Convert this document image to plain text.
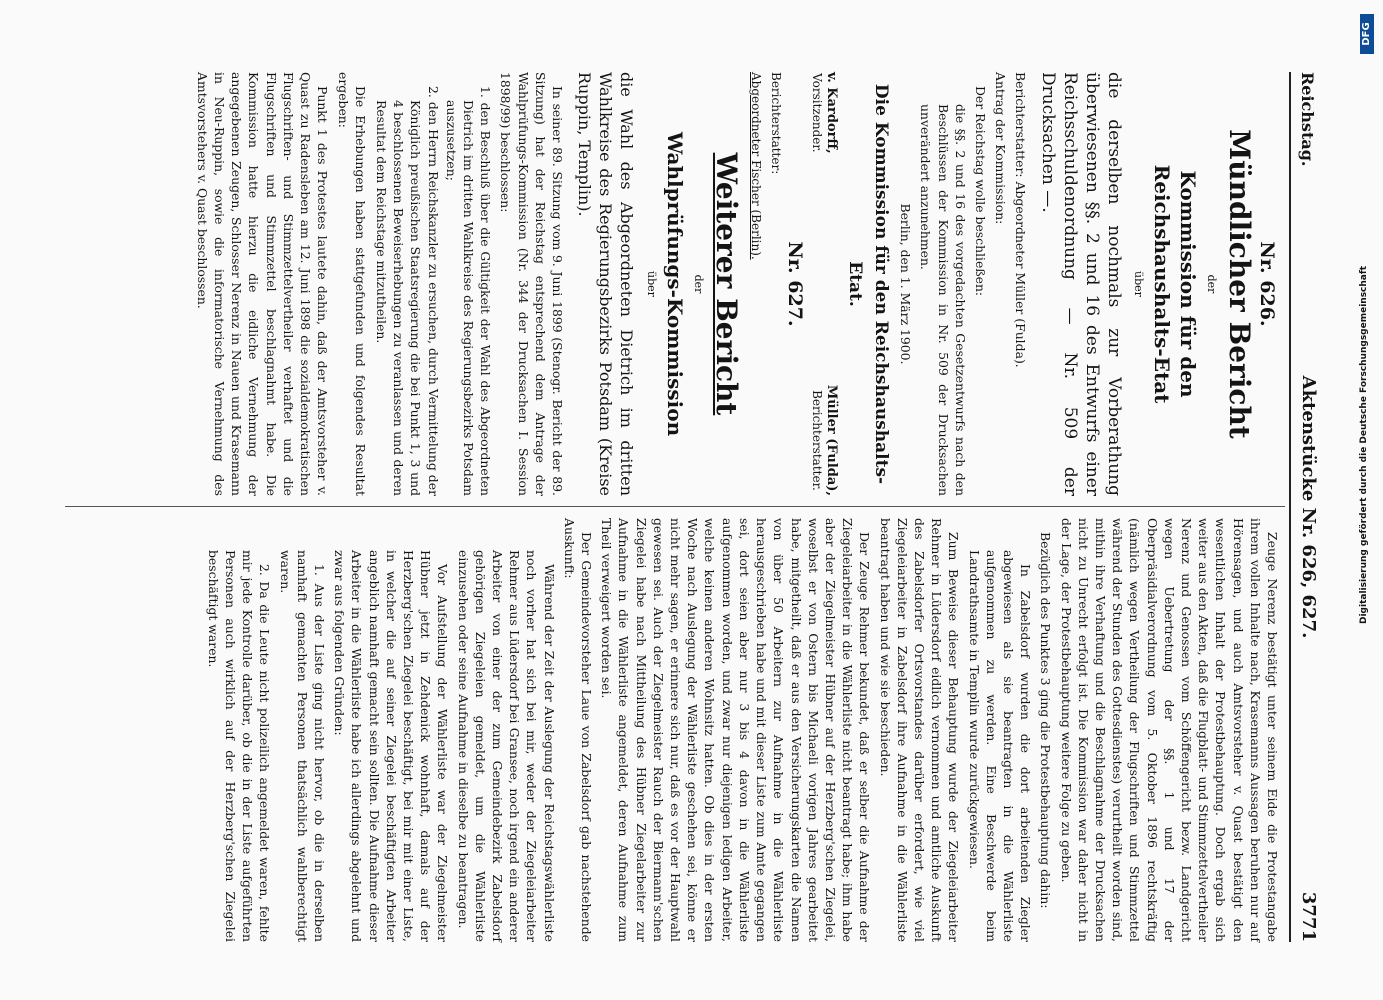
Reichstag.
Aktenstücke Nr. 626, 627.
3771
Nr. 626.
Mündlicher Bericht
der
Kommission für den Reichshaushalts-Etat
über
die derselben nochmals zur Vorberathung überwiesenen §§. 2 und 16 des Entwurfs einer Reichsschuldenordnung — Nr. 509 der Drucksachen —.

Berichterstatter: Abgeordneter Müller (Fulda).

Antrag der Kommission:

Der Reichstag wolle beschließen:

die §§. 2 und 16 des vorgedachten Gesetzentwurfs nach den Beschlüssen der Kommission in Nr. 509 der Drucksachen unverändert anzunehmen.

Berlin, den 1. März 1900.

Die Kommission für den Reichshaushalts-Etat.
v. Kardorff,
Vorsitzender.
Müller (Fulda),
Berichterstatter.
Nr. 627.

Berichterstatter:

Abgeordneter Fischer (Berlin).

Weiterer Bericht
der
Wahlprüfungs-Kommission
über
die Wahl des Abgeordneten Dietrich im dritten Wahlkreise des Regierungsbezirks Potsdam (Kreise Ruppin, Templin).

In seiner 89. Sitzung vom 9. Juni 1899 (Stenogr. Bericht der 89. Sitzung) hat der Reichstag entsprechend dem Antrage der Wahlprüfungs-Kommission (Nr. 344 der Drucksachen I. Session 1898/99) beschlossen:

1. den Beschluß über die Gültigkeit der Wahl des Abgeordneten Dietrich im dritten Wahlkreise des Regierungsbezirks Potsdam auszusetzen;
2. den Herrn Reichskanzler zu ersuchen, durch Vermittelung der Königlich preußischen Staatsregierung die bei Punkt 1, 3 und 4 beschlossenen Beweiserhebungen zu veranlassen und deren Resultat dem Reichstage mitzutheilen.

Die Erhebungen haben stattgefunden und folgendes Resultat ergeben:

Punkt 1 des Protestes lautete dahin, daß der Amtsvorsteher v. Quast zu Radensleben am 12. Juni 1898 die sozialdemokratischen Flugschriften- und Stimmzettelvertheiler verhaftet und die Flugschriften und Stimmzettel beschlagnahmt habe. Die Kommission hatte hierzu die eidliche Vernehmung der angegebenen Zeugen, Schlosser Nerenz in Nauen und Krasemann in Neu-Ruppin, sowie die informatorische Vernehmung des Amtsvorstehers v. Quast beschlossen.

Zeuge Nerenz bestätigt unter seinem Eide die Protestangabe ihrem vollen Inhalte nach, Krasemanns Aussagen beruhen nur auf Hörensagen, und auch Amtsvorsteher v. Quast bestätigt den wesentlichen Inhalt der Protestbehauptung. Doch ergab sich weiter aus den Akten, daß die Flugblatt- und Stimmzettelvertheiler Nerenz und Genossen vom Schöffengericht bezw. Landgericht wegen Uebertretung der §§. 1 und 17 der Oberpräsidialverordnung vom 5. Oktober 1896 rechtskräftig (nämlich wegen Vertheilung der Flugschriften und Stimmzettel während der Stunden des Gottesdienstes) verurtheilt worden sind, mithin ihre Verhaftung und die Beschlagnahme der Drucksachen nicht zu Unrecht erfolgt ist. Die Kommission war daher nicht in der Lage, der Protestbehauptung weitere Folge zu geben.

Bezüglich des Punktes 3 ging die Protestbehauptung dahin:

In Zabelsdorf wurden die dort arbeitenden Ziegler abgewiesen als sie beantragten in die Wählerliste aufgenommen zu werden. Eine Beschwerde beim Landrathsamte in Templin wurde zurückgewiesen.

Zum Beweise dieser Behauptung wurde der Ziegeleiarbeiter Rehmer in Lüdersdorf eidlich vernommen und amtliche Auskunft des Zabelsdorfer Ortsvorstandes darüber erfordert, wie viel Ziegeleiarbeiter in Zabelsdorf ihre Aufnahme in die Wählerliste beantragt haben und wie sie beschieden.

Der Zeuge Rehmer bekundet, daß er selber die Aufnahme der Ziegeleiarbeiter in die Wählerliste nicht beantragt habe; ihm habe aber der Ziegelmeister Hübner auf der Herzberg'schen Ziegelei, woselbst er von Ostern bis Michaeli vorigen Jahres gearbeitet habe, mitgetheilt, daß er aus den Versicherungskarten die Namen von über 50 Arbeitern zur Aufnahme in die Wählerliste herausgeschrieben habe und mit dieser Liste zum Amte gegangen sei, dort seien aber nur 3 bis 4 davon in die Wählerliste aufgenommen worden, und zwar nur diejenigen ledigen Arbeiter, welche keinen anderen Wohnsitz hatten. Ob dies in der ersten Woche nach Auslegung der Wählerliste geschehen sei, könne er nicht mehr sagen, er erinnere sich nur, daß es vor der Hauptwahl gewesen sei. Auch der Ziegelmeister Rauch der Biermann'schen Ziegelei habe nach Mittheilung des Hübner Ziegelarbeiter zur Aufnahme in die Wählerliste angemeldet, deren Aufnahme zum Theil verweigert worden sei.

Der Gemeindevorsteher Laue von Zabelsdorf gab nachstehende Auskunft:

Während der Zeit der Auslegung der Reichstagswählerliste noch vorher hat sich bei mir, weder der Ziegeleiarbeiter Rehmer aus Lüdersdorf bei Gransee, noch irgend ein anderer Arbeiter von einer der zum Gemeindebezirk Zabelsdorf gehörigen Ziegeleien gemeldet, um die Wählerliste einzusehen oder seine Aufnahme in dieselbe zu beantragen.

Vor Aufstellung der Wählerliste war der Ziegelmeister Hübner jetzt in Zehdenick wohnhaft, damals auf der Herzberg'schen Ziegelei beschäftigt, bei mir mit einer Liste, in welcher die auf seiner Ziegelei beschäftigten Arbeiter angeblich namhaft gemacht sein sollten. Die Aufnahme dieser Arbeiter in die Wählerliste habe ich allerdings abgelehnt und zwar aus folgenden Gründen:

1. Aus der Liste ging nicht hervor, ob die in derselben namhaft gemachten Personen thatsächlich wahlberechtigt waren.

2. Da die Leute nicht polizeilich angemeldet waren, fehlte mir jede Kontrolle darüber, ob die in der Liste aufgeführten Personen auch wirklich auf der Herzberg'schen Ziegelei beschäftigt waren.

DFG
Digitalisierung gefördert durch die Deutsche Forschungsgemeinschaft
